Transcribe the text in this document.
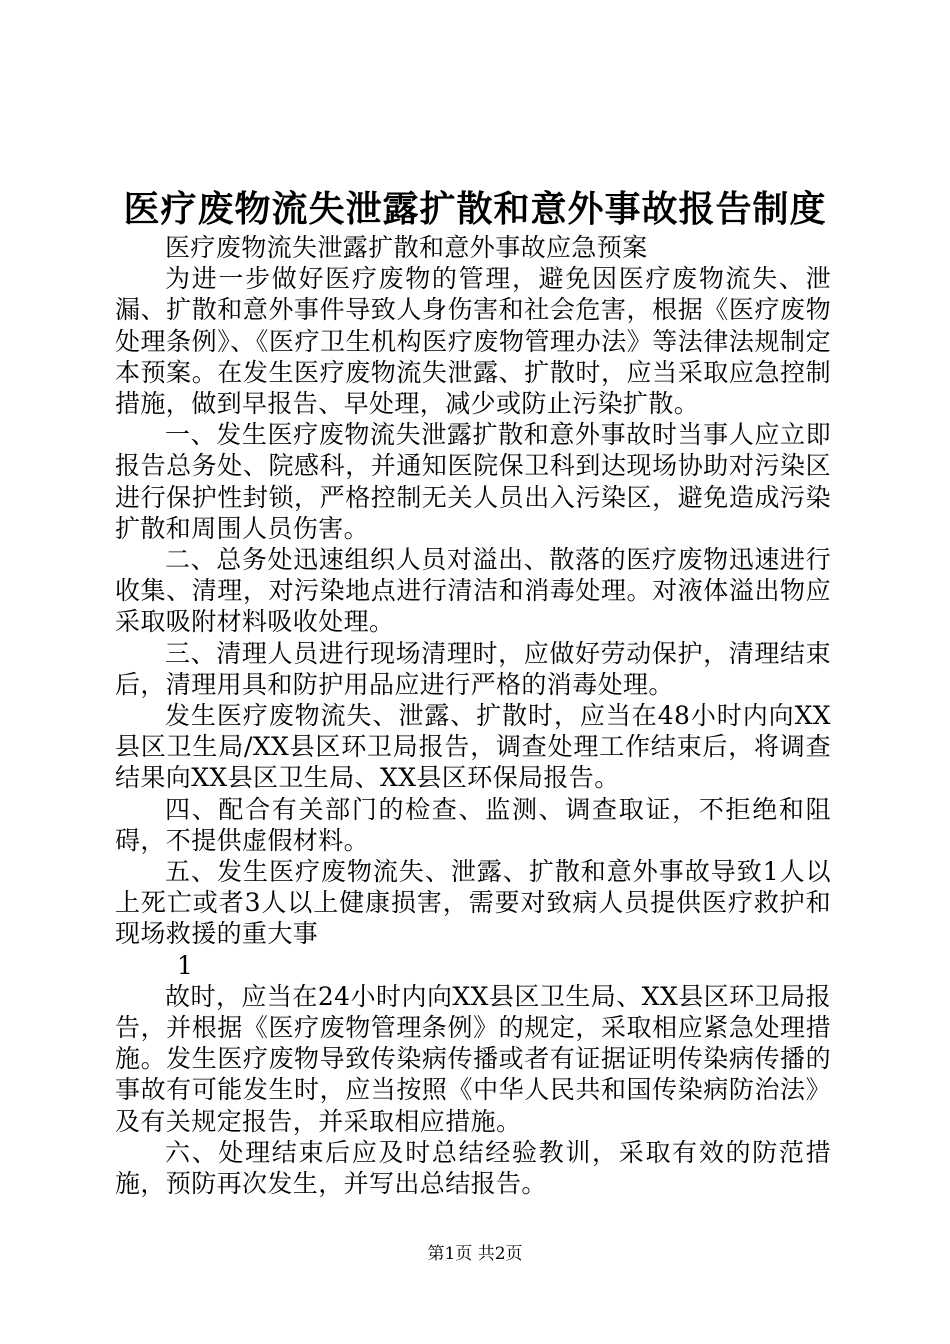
医疗废物流失泄露扩散和意外事故报告制度

医疗废物流失泄露扩散和意外事故应急预案

为进一步做好医疗废物的管理，避免因医疗废物流失、泄漏、扩散和意外事件导致人身伤害和社会危害，根据《医疗废物处理条例》、《医疗卫生机构医疗废物管理办法》等法律法规制定本预案。在发生医疗废物流失泄露、扩散时，应当采取应急控制措施，做到早报告、早处理，减少或防止污染扩散。

一、发生医疗废物流失泄露扩散和意外事故时当事人应立即报告总务处、院感科，并通知医院保卫科到达现场协助对污染区进行保护性封锁，严格控制无关人员出入污染区，避免造成污染扩散和周围人员伤害。

二、总务处迅速组织人员对溢出、散落的医疗废物迅速进行收集、清理，对污染地点进行清洁和消毒处理。对液体溢出物应采取吸附材料吸收处理。

三、清理人员进行现场清理时，应做好劳动保护，清理结束后，清理用具和防护用品应进行严格的消毒处理。

发生医疗废物流失、泄露、扩散时，应当在48小时内向XX县区卫生局/XX县区环卫局报告，调查处理工作结束后，将调查结果向XX县区卫生局、XX县区环保局报告。

四、配合有关部门的检查、监测、调查取证，不拒绝和阻碍，不提供虚假材料。

五、发生医疗废物流失、泄露、扩散和意外事故导致1人以上死亡或者3人以上健康损害，需要对致病人员提供医疗救护和现场救援的重大事

1

故时，应当在24小时内向XX县区卫生局、XX县区环卫局报告，并根据《医疗废物管理条例》的规定，采取相应紧急处理措施。发生医疗废物导致传染病传播或者有证据证明传染病传播的事故有可能发生时，应当按照《中华人民共和国传染病防治法》及有关规定报告，并采取相应措施。

六、处理结束后应及时总结经验教训，采取有效的防范措施，预防再次发生，并写出总结报告。

第1页 共2页
